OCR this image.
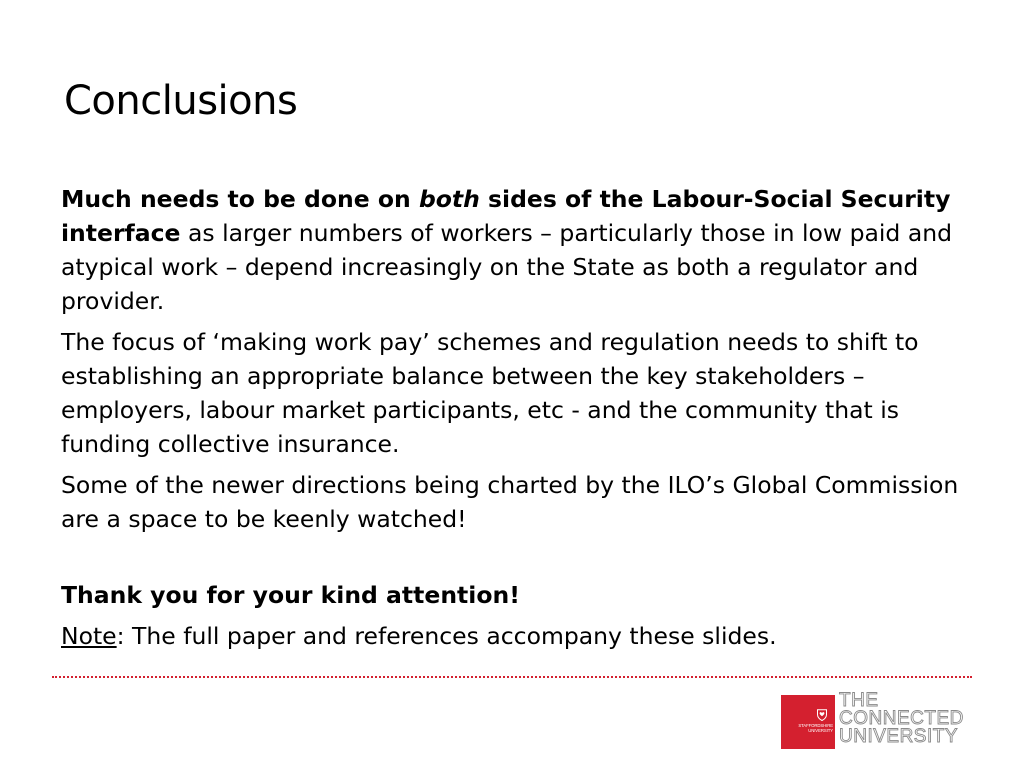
Conclusions

Much needs to be done on both sides of the Labour-Social Security interface as larger numbers of workers – particularly those in low paid and atypical work – depend increasingly on the State as both a regulator and provider.

The focus of ‘making work pay’ schemes and regulation needs to shift to establishing an appropriate balance between the key stakeholders – employers, labour market participants, etc - and the community that is funding collective insurance.

Some of the newer directions being charted by the ILO’s Global Commission are a space to be keenly watched!

Thank you for your kind attention!

Note: The full paper and references accompany these slides.

STAFFORDSHIRE UNIVERSITY
THE
CONNECTED
UNIVERSITY
